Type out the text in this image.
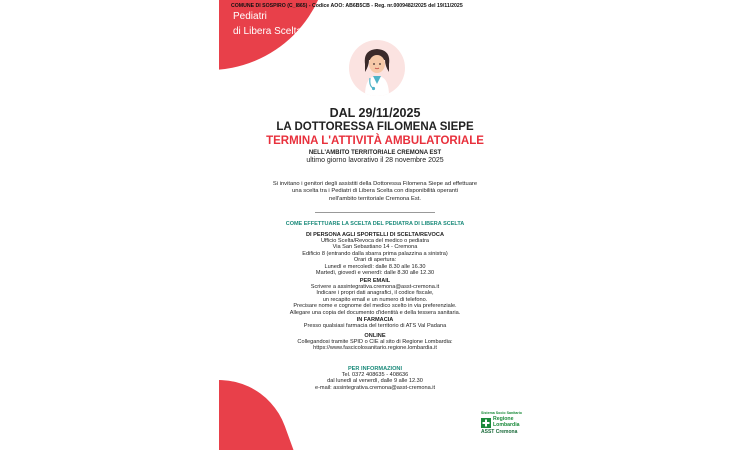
COMUNE DI SOSPIRO (C_I865) - Codice AOO: AB6B5CB - Reg. nr.0009482/2025 del 19/11/2025
Pediatri
di Libera Scelta
DAL 29/11/2025
LA DOTTORESSA FILOMENA SIEPE
TERMINA L'ATTIVITÀ AMBULATORIALE
NELL'AMBITO TERRITORIALE CREMONA EST
ultimo giorno lavorativo il 28 novembre 2025
Si invitano i genitori degli assistiti della Dottoressa Filomena Siepe ad effettuare
una scelta tra i Pediatri di Libera Scelta con disponibilità operanti
nell'ambito territoriale Cremona Est.
COME EFFETTUARE LA SCELTA DEL PEDIATRA DI LIBERA SCELTA
DI PERSONA AGLI SPORTELLI DI SCELTA/REVOCA
Ufficio Scelta/Revoca del medico o pediatra
Via San Sebastiano 14 - Cremona
Edificio 8 (entrando dalla sbarra prima palazzina a sinistra)
Orari di apertura:
Lunedì e mercoledì: dalle 8.30 alle 16.30
Martedì, giovedì e venerdì: dalle 8.30 alle 12.30
PER EMAIL
Scrivere a assintegrativa.cremona@asst-cremona.it
Indicare i propri dati anagrafici, il codice fiscale,
un recapito email e un numero di telefono.
Precisare nome e cognome del medico scelto in via preferenziale.
Allegare una copia del documento d'identità e della tessera sanitaria.
IN FARMACIA
Presso qualsiasi farmacia del territorio di ATS Val Padana
ONLINE
Collegandosi tramite SPID o CIE al sito di Regione Lombardia:
https://www.fascicolosanitario.regione.lombardia.it
PER INFORMAZIONI
Tel. 0372 408635 - 408636
dal lunedì al venerdì, dalle 9 alle 12.30
e-mail: assintegrativa.cremona@asst-cremona.it
Sistema Socio Sanitario
Regione
Lombardia
ASST Cremona
